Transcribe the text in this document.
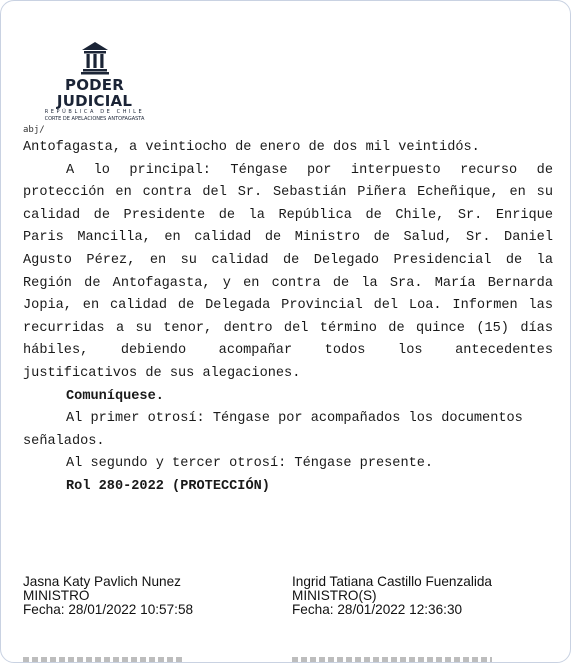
PODER JUDICIAL
REPÚBLICA DE CHILE
CORTE DE APELACIONES ANTOFAGASTA
abj/

Antofagasta, a veintiocho de enero de dos mil veintidós.

A lo principal: Téngase por interpuesto recurso de protección en contra del Sr. Sebastián Piñera Echeñique, en su calidad de Presidente de la República de Chile, Sr. Enrique Paris Mancilla, en calidad de Ministro de Salud, Sr. Daniel Agusto Pérez, en su calidad de Delegado Presidencial de la Región de Antofagasta, y en contra de la Sra. María Bernarda Jopia, en calidad de Delegada Provincial del Loa. Informen las recurridas a su tenor, dentro del término de quince (15) días hábiles, debiendo acompañar todos los antecedentes justificativos de sus alegaciones.

Comuníquese.

Al primer otrosí: Téngase por acompañados los documentos señalados.

Al segundo y tercer otrosí: Téngase presente.

Rol 280-2022 (PROTECCIÓN)

Jasna Katy Pavlich Nunez
MINISTRO
Fecha: 28/01/2022 10:57:58
Ingrid Tatiana Castillo Fuenzalida
MINISTRO(S)
Fecha: 28/01/2022 12:36:30
